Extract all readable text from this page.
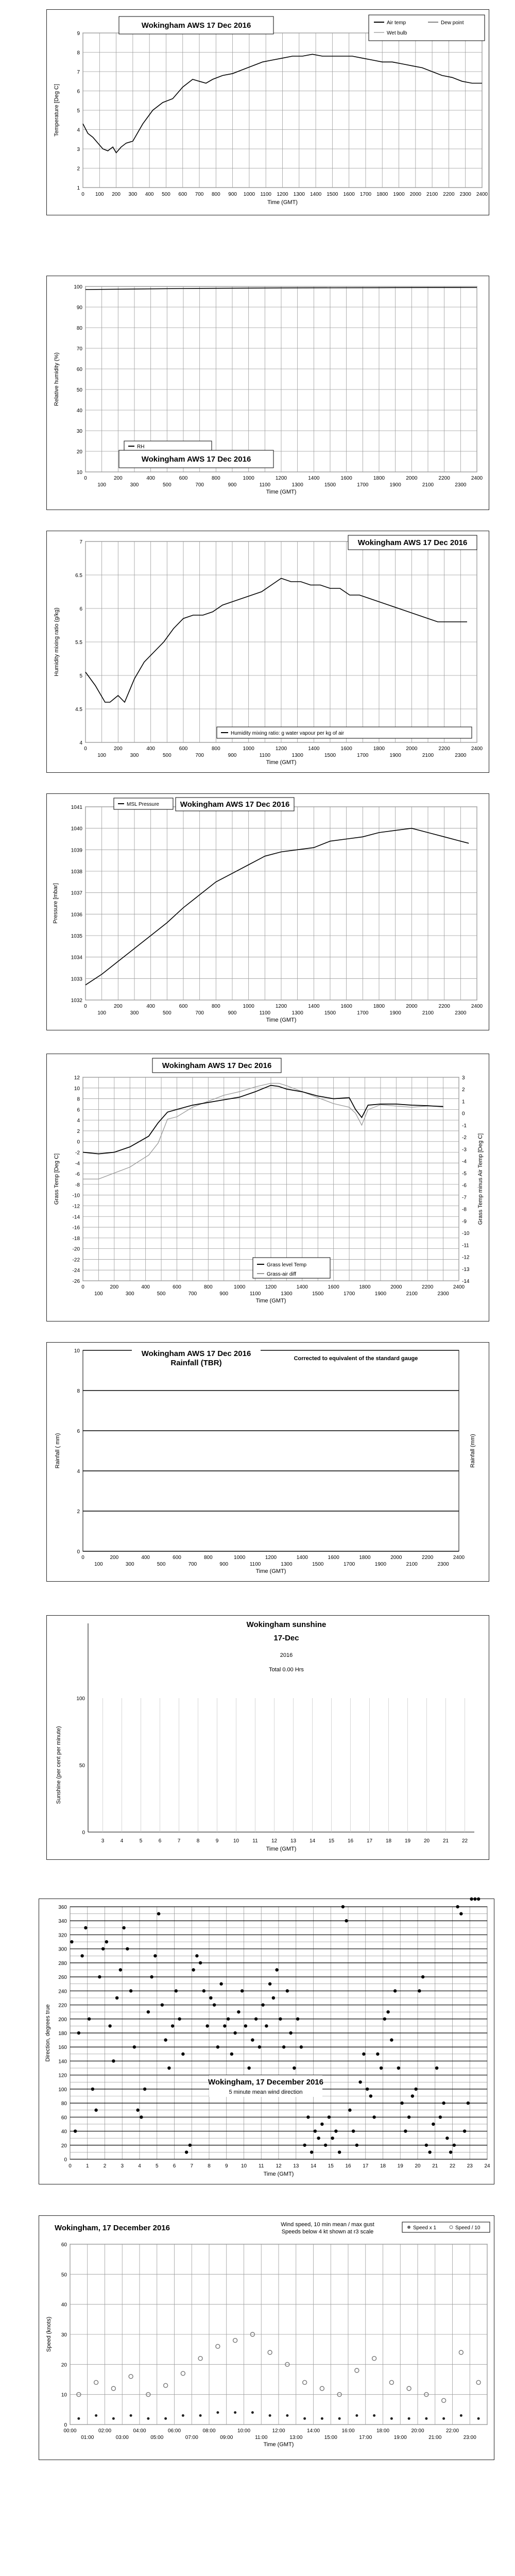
1
2
3
4
5
6
7
8
9
0 100 200 300 400 500 600 700 800 900 1000 1100 1200 1300 1400 1500 1600 1700 1800 1900 2000 2100 2200 2300 2400
Time (GMT)
Temperature [Deg C]
Wokingham AWS 17 Dec 2016	Air temp	Dew point
Wet bulb
10
20
30
40
50
60
70
80
90
100
0	200	400	600	800	1000	1200	1400	1600	1800	2000	2200	2400
100	300	500	700	900	1100	1300	1500	1700	1900	2100	2300
Time (GMT)
Relative humidity (%)
RH
Wokingham AWS 17 Dec 2016
4
4.5
5
5.5
6
6.5
7
0	200	400	600	800	1000	1200	1400	1600	1800	2000	2200	2400
100	300	500	700	900	1100	1300	1500	1700	1900	2100	2300
Time (GMT)
Humidity mixing ratio (g/kg)
Wokingham AWS 17 Dec 2016
Humidity mixing ratio: g water vapour per kg of air
1032
1033
1034
1035
1036
1037
1038
1039
1040
1041
0	200	400	600	800	1000	1200	1400	1600	1800	2000	2200	2400
100	300	500	700	900	1100	1300	1500	1700	1900	2100	2300
Time (GMT)
Pressure [mbar]
MSL Pressure	Wokingham AWS 17 Dec 2016
-26
-24
-22
-20
-18
-16
-14
-12
-10
-8
-6
-4
-2
0
2
4
6
8
10
12
-14
-13
-12
-11
-10
-9
-8
-7
-6
-5
-4
-3
-2
-1
0
1
2
3
0	200	400	600	800	1000	1200	1400	1600	1800	2000	2200	2400
100	300	500	700	900	1100	1300	1500	1700	1900	2100	2300
Time (GMT)
Grass Temp [Deg C]	Grass Temp minus Air Temp [Deg C]
Wokingham AWS 17 Dec 2016
Grass level Temp
Grass-air diff
0
2
4
6
8
10
0	200	400	600	800	1000	1200	1400	1600	1800	2000	2200	2400
100	300	500	700	900	1100	1300	1500	1700	1900	2100	2300
Time (GMT)
Rainfall ( mm)	Rainfall (mm)
Wokingham AWS 17 Dec 2016
Rainfall (TBR)	Corrected to equivalent of the standard gauge
0
50
100
3	4	5	6	7	8	9	10	11	12	13	14	15	16	17	18	19	20	21	22
Time (GMT)
Sunshine (per cent per minute)
Wokingham sunshine
17-Dec
2016
Total 0.00 Hrs
0
20
40
60
80
100
120
140
160
180
200
220
240
260
280
300
320
340
360
0	1	2	3	4	5	6	7	8	9	10 11 12 13 14 15 16 17 18 19 20 21 22 23 24
Time (GMT)
Direction, degrees true
Wokingham, 17 December 2016
5 minute mean wind direction
0
10
20
30
40
50
60
00:00	02:00	04:00	06:00	08:00	10:00	12:00	14:00	16:00	18:00	20:00	22:00
01:00	03:00	05:00	07:00	09:00	11:00	13:00	15:00	17:00	19:00	21:00	23:00
Time (GMT)
Speed (knots)
Wokingham, 17 December 2016	Wind speed, 10 min mean / max gust
Speeds below 4 kt shown at r3 scale
Speed x 1	Speed / 10
